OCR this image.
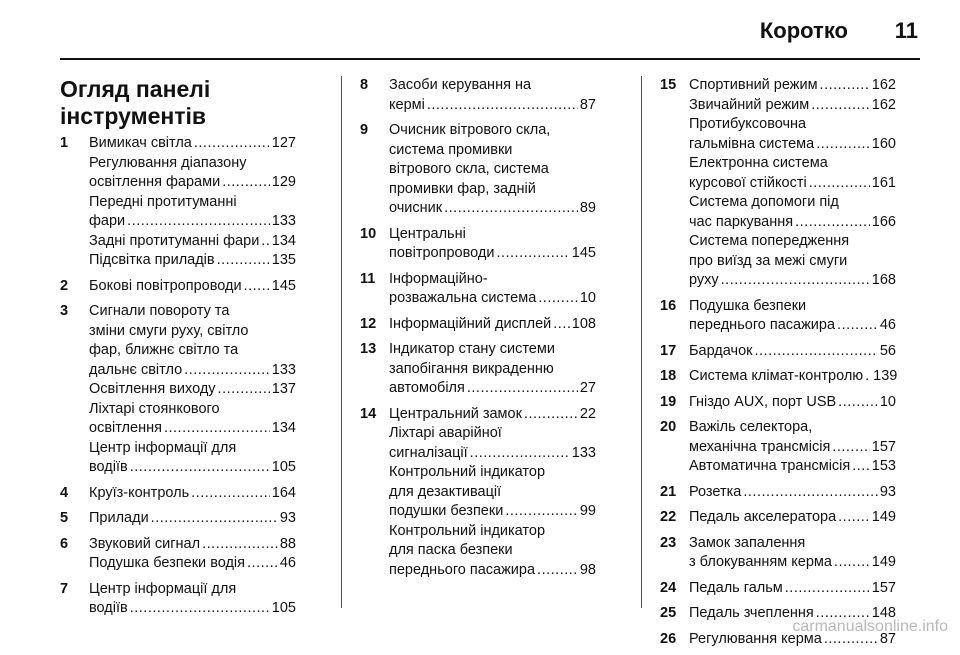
Коротко 11
Огляд панелі
інструментів
1	Вимикач світла .....	127
Регулювання діапазону
освітлення фарами .....	129
Передні протитуманні
фари .....	133
Задні протитуманні фари ..... 134
Підсвітка приладів .....	135
2	Бокові повітропроводи ..... 145
3	Сигнали повороту та
зміни смуги руху, світло
фар, ближнє світло та
дальнє світло .....	133
Освітлення виходу .....	137
Ліхтарі стоянкового
освітлення .....	134
Центр інформації для
водіїв .....	105
4	Круїз-контроль .....	164
5	Прилади .....	93
6	Звуковий сигнал .....	88
Подушка безпеки водія ..... 46
7	Центр інформації для
водіїв .....	105
8	Засоби керування на
кермі .....	87
9	Очисник вітрового скла,
система промивки
вітрового скла, система
промивки фар, задній
очисник .....	89
10 Центральні
повітропроводи .....	145
11 Інформаційно-
розважальна система .....	10
12 Інформаційний дисплей ..... 108
13 Індикатор стану системи
запобігання викраденню
автомобіля .....	27
14 Центральний замок .....	22
Ліхтарі аварійної
сигналізації .....	133
Контрольний індикатор
для дезактивації
подушки безпеки .....	99
Контрольний індикатор
для паска безпеки
переднього пасажира .....	98
15 Спортивний режим .....	162
Звичайний режим .....	162
Протибуксовочна
гальмівна система .....	160
Електронна система
курсової стійкості .....	161
Система допомоги під
час паркування .....	166
Система попередження
про виїзд за межі смуги
руху .....	168
16 Подушка безпеки
переднього пасажира .....	46
17 Бардачок .....	56
18 Система клімат-контролю ..... 139
19 Гніздо AUX, порт USB .....	10
20 Важіль селектора,
механічна трансмісія .....	157
Автоматична трансмісія ..... 153
21 Розетка .....	93
22 Педаль акселератора ..... 149
23 Замок запалення
з блокуванням керма .....	149
24 Педаль гальм .....	157
25 Педаль зчеплення .....	148
26 Регулювання керма .....	87
carmanualsonline.info
